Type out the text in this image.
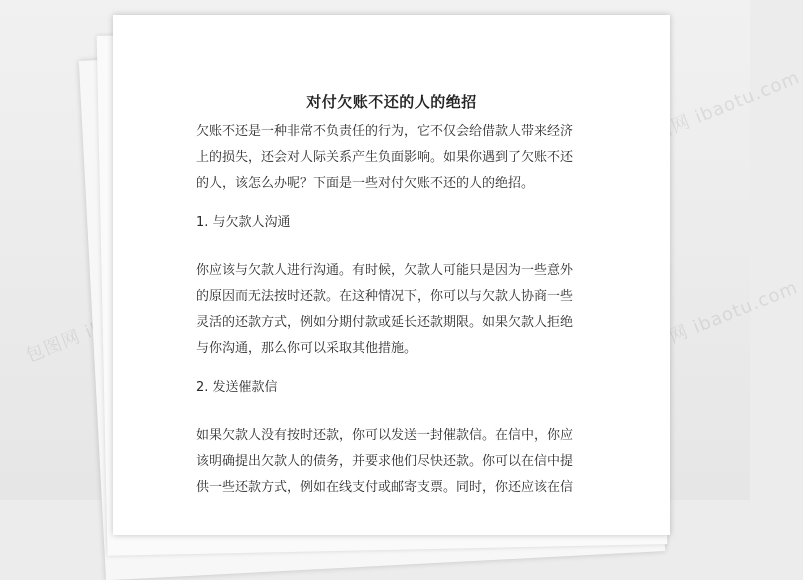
包图网 ibaotu.com
包图网	包图网 ibaotu.com
对付欠账不还的人的绝招
欠账不还是一种非常不负责任的行为，它不仅会给借款人带来经济
上的损失，还会对人际关系产生负面影响。如果你遇到了欠账不还
的人，该怎么办呢？下面是一些对付欠账不还的人的绝招。
1. 与欠款人沟通
你应该与欠款人进行沟通。有时候，欠款人可能只是因为一些意外
的原因而无法按时还款。在这种情况下，你可以与欠款人协商一些
灵活的还款方式，例如分期付款或延长还款期限。如果欠款人拒绝
与你沟通，那么你可以采取其他措施。
2. 发送催款信
如果欠款人没有按时还款，你可以发送一封催款信。在信中，你应
该明确提出欠款人的债务，并要求他们尽快还款。你可以在信中提
供一些还款方式，例如在线支付或邮寄支票。同时，你还应该在信
